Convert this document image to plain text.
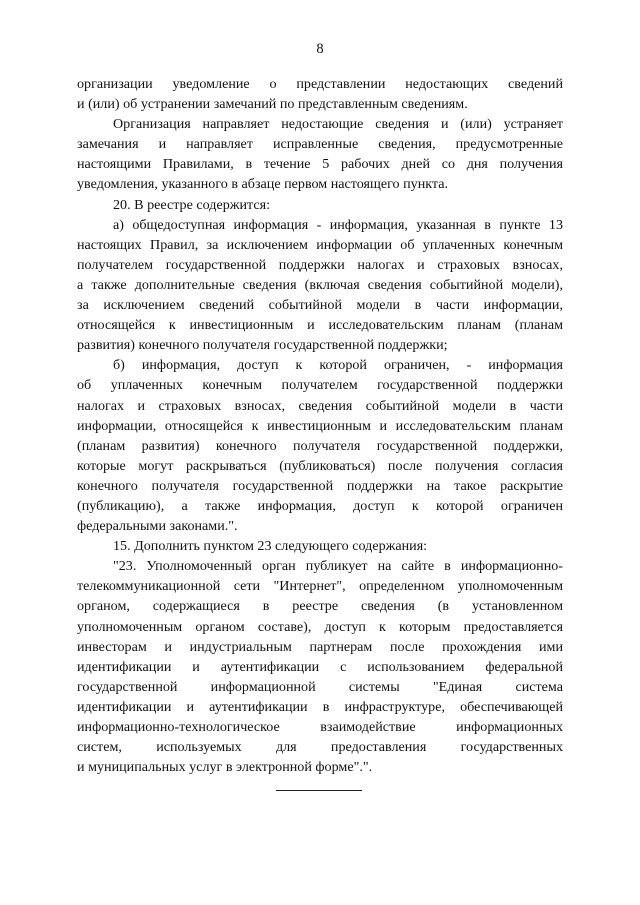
8
организации уведомление о представлении недостающих сведений
и (или) об устранении замечаний по представленным сведениям.
Организация направляет недостающие сведения и (или) устраняет
замечания и направляет исправленные сведения, предусмотренные
настоящими Правилами, в течение 5 рабочих дней со дня получения
уведомления, указанного в абзаце первом настоящего пункта.
20. В реестре содержится:
а) общедоступная информация - информация, указанная в пункте 13
настоящих Правил, за исключением информации об уплаченных конечным
получателем государственной поддержки налогах и страховых взносах,
а также дополнительные сведения (включая сведения событийной модели),
за исключением сведений событийной модели в части информации,
относящейся к инвестиционным и исследовательским планам (планам
развития) конечного получателя государственной поддержки;
б) информация, доступ к которой ограничен, - информация
об уплаченных конечным получателем государственной поддержки
налогах и страховых взносах, сведения событийной модели в части
информации, относящейся к инвестиционным и исследовательским планам
(планам развития) конечного получателя государственной поддержки,
которые могут раскрываться (публиковаться) после получения согласия
конечного получателя государственной поддержки на такое раскрытие
(публикацию), а также информация, доступ к которой ограничен
федеральными законами.".
15. Дополнить пунктом 23 следующего содержания:
"23. Уполномоченный орган публикует на сайте в информационно-
телекоммуникационной сети "Интернет", определенном уполномоченным
органом, содержащиеся в реестре сведения (в установленном
уполномоченным органом составе), доступ к которым предоставляется
инвесторам и индустриальным партнерам после прохождения ими
идентификации и аутентификации с использованием федеральной
государственной информационной системы "Единая система
идентификации и аутентификации в инфраструктуре, обеспечивающей
информационно-технологическое взаимодействие информационных
систем, используемых для предоставления государственных
и муниципальных услуг в электронной форме".".
